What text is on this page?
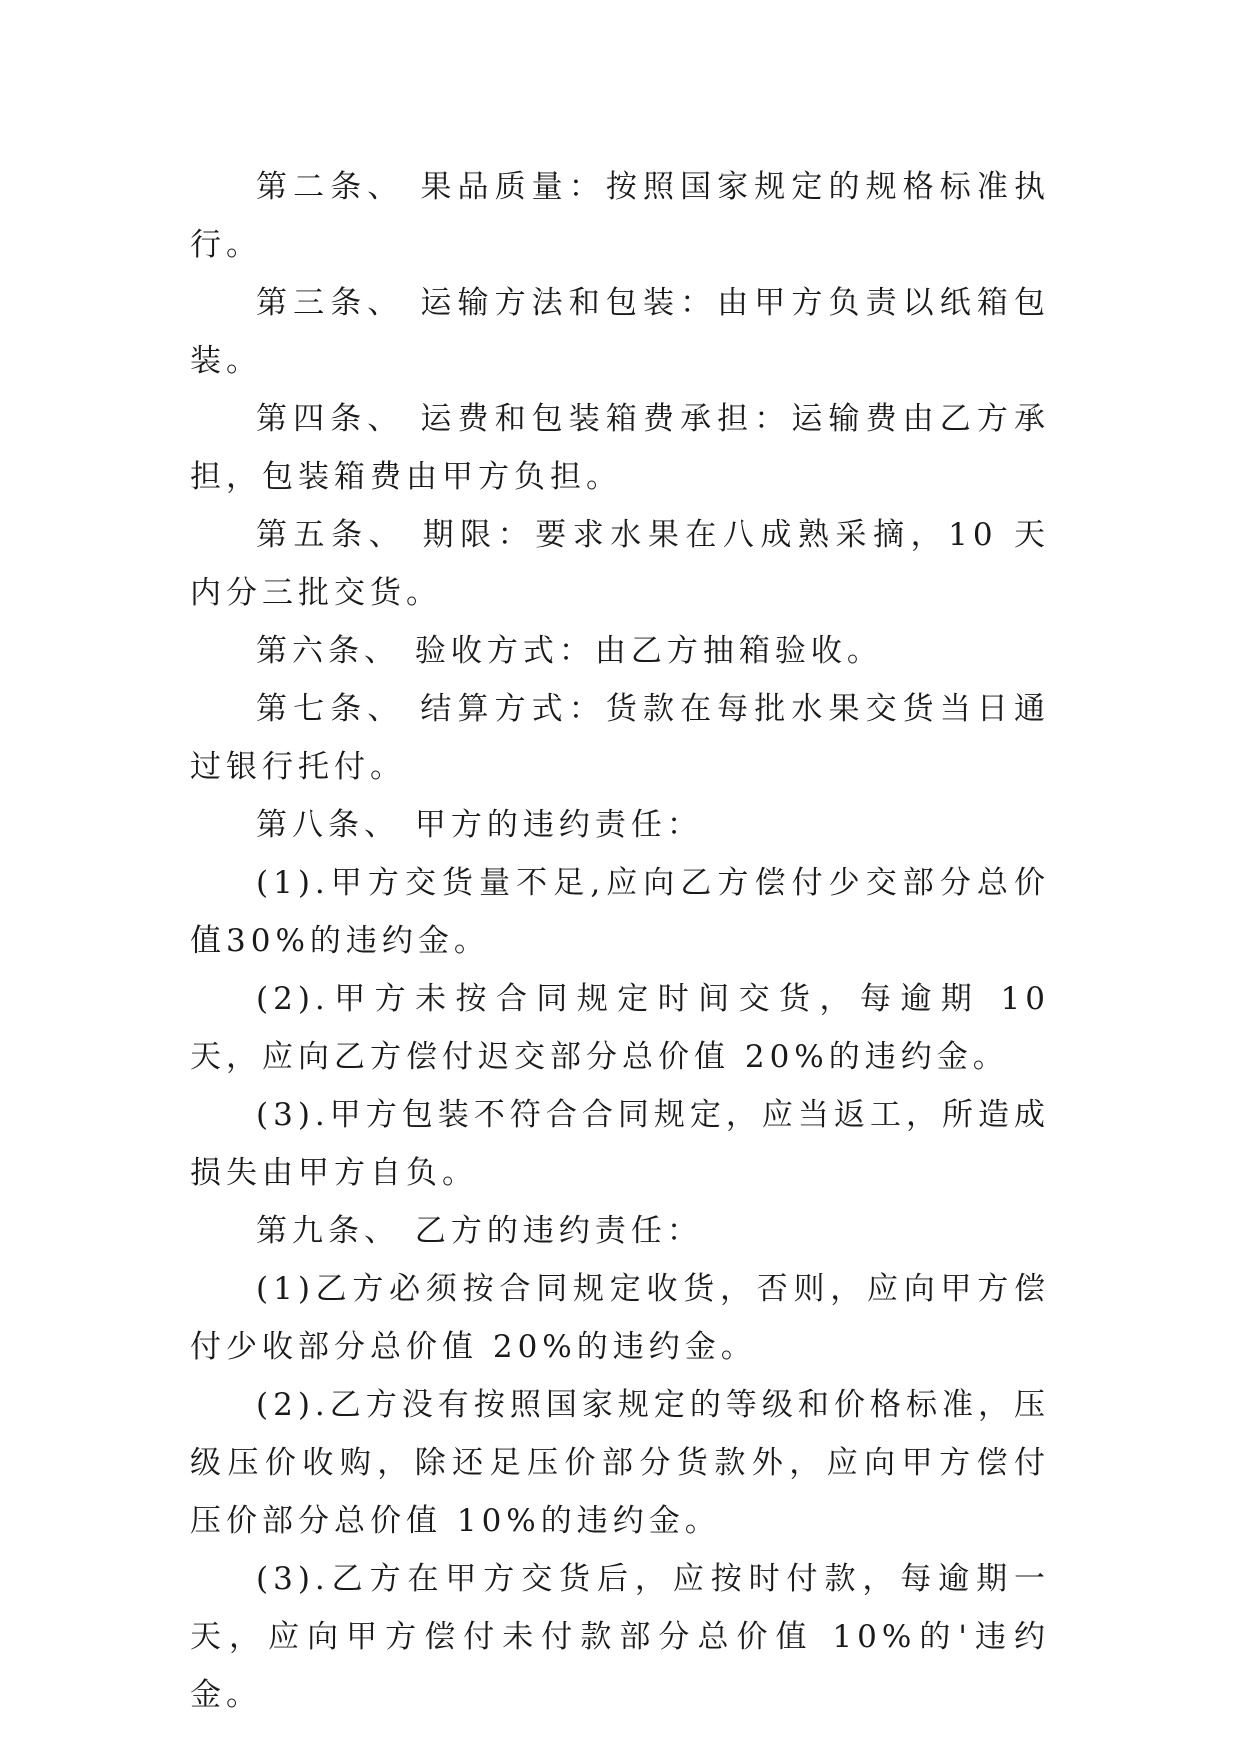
第二条、 果品质量：按照国家规定的规格标准执行。

第三条、 运输方法和包装：由甲方负责以纸箱包装。

第四条、 运费和包装箱费承担：运输费由乙方承担，包装箱费由甲方负担。

第五条、 期限：要求水果在八成熟采摘，10 天内分三批交货。

第六条、 验收方式：由乙方抽箱验收。

第七条、 结算方式：货款在每批水果交货当日通过银行托付。

第八条、 甲方的违约责任：

(1).甲方交货量不足,应向乙方偿付少交部分总价值30%的违约金。

(2).甲方未按合同规定时间交货，每逾期 10 天，应向乙方偿付迟交部分总价值 20%的违约金。

(3).甲方包装不符合合同规定，应当返工，所造成损失由甲方自负。

第九条、 乙方的违约责任：

(1)乙方必须按合同规定收货，否则，应向甲方偿付少收部分总价值 20%的违约金。

(2).乙方没有按照国家规定的等级和价格标准，压级压价收购，除还足压价部分货款外，应向甲方偿付压价部分总价值 10%的违约金。

(3).乙方在甲方交货后，应按时付款，每逾期一天，应向甲方偿付未付款部分总价值 10%的'违约金。
